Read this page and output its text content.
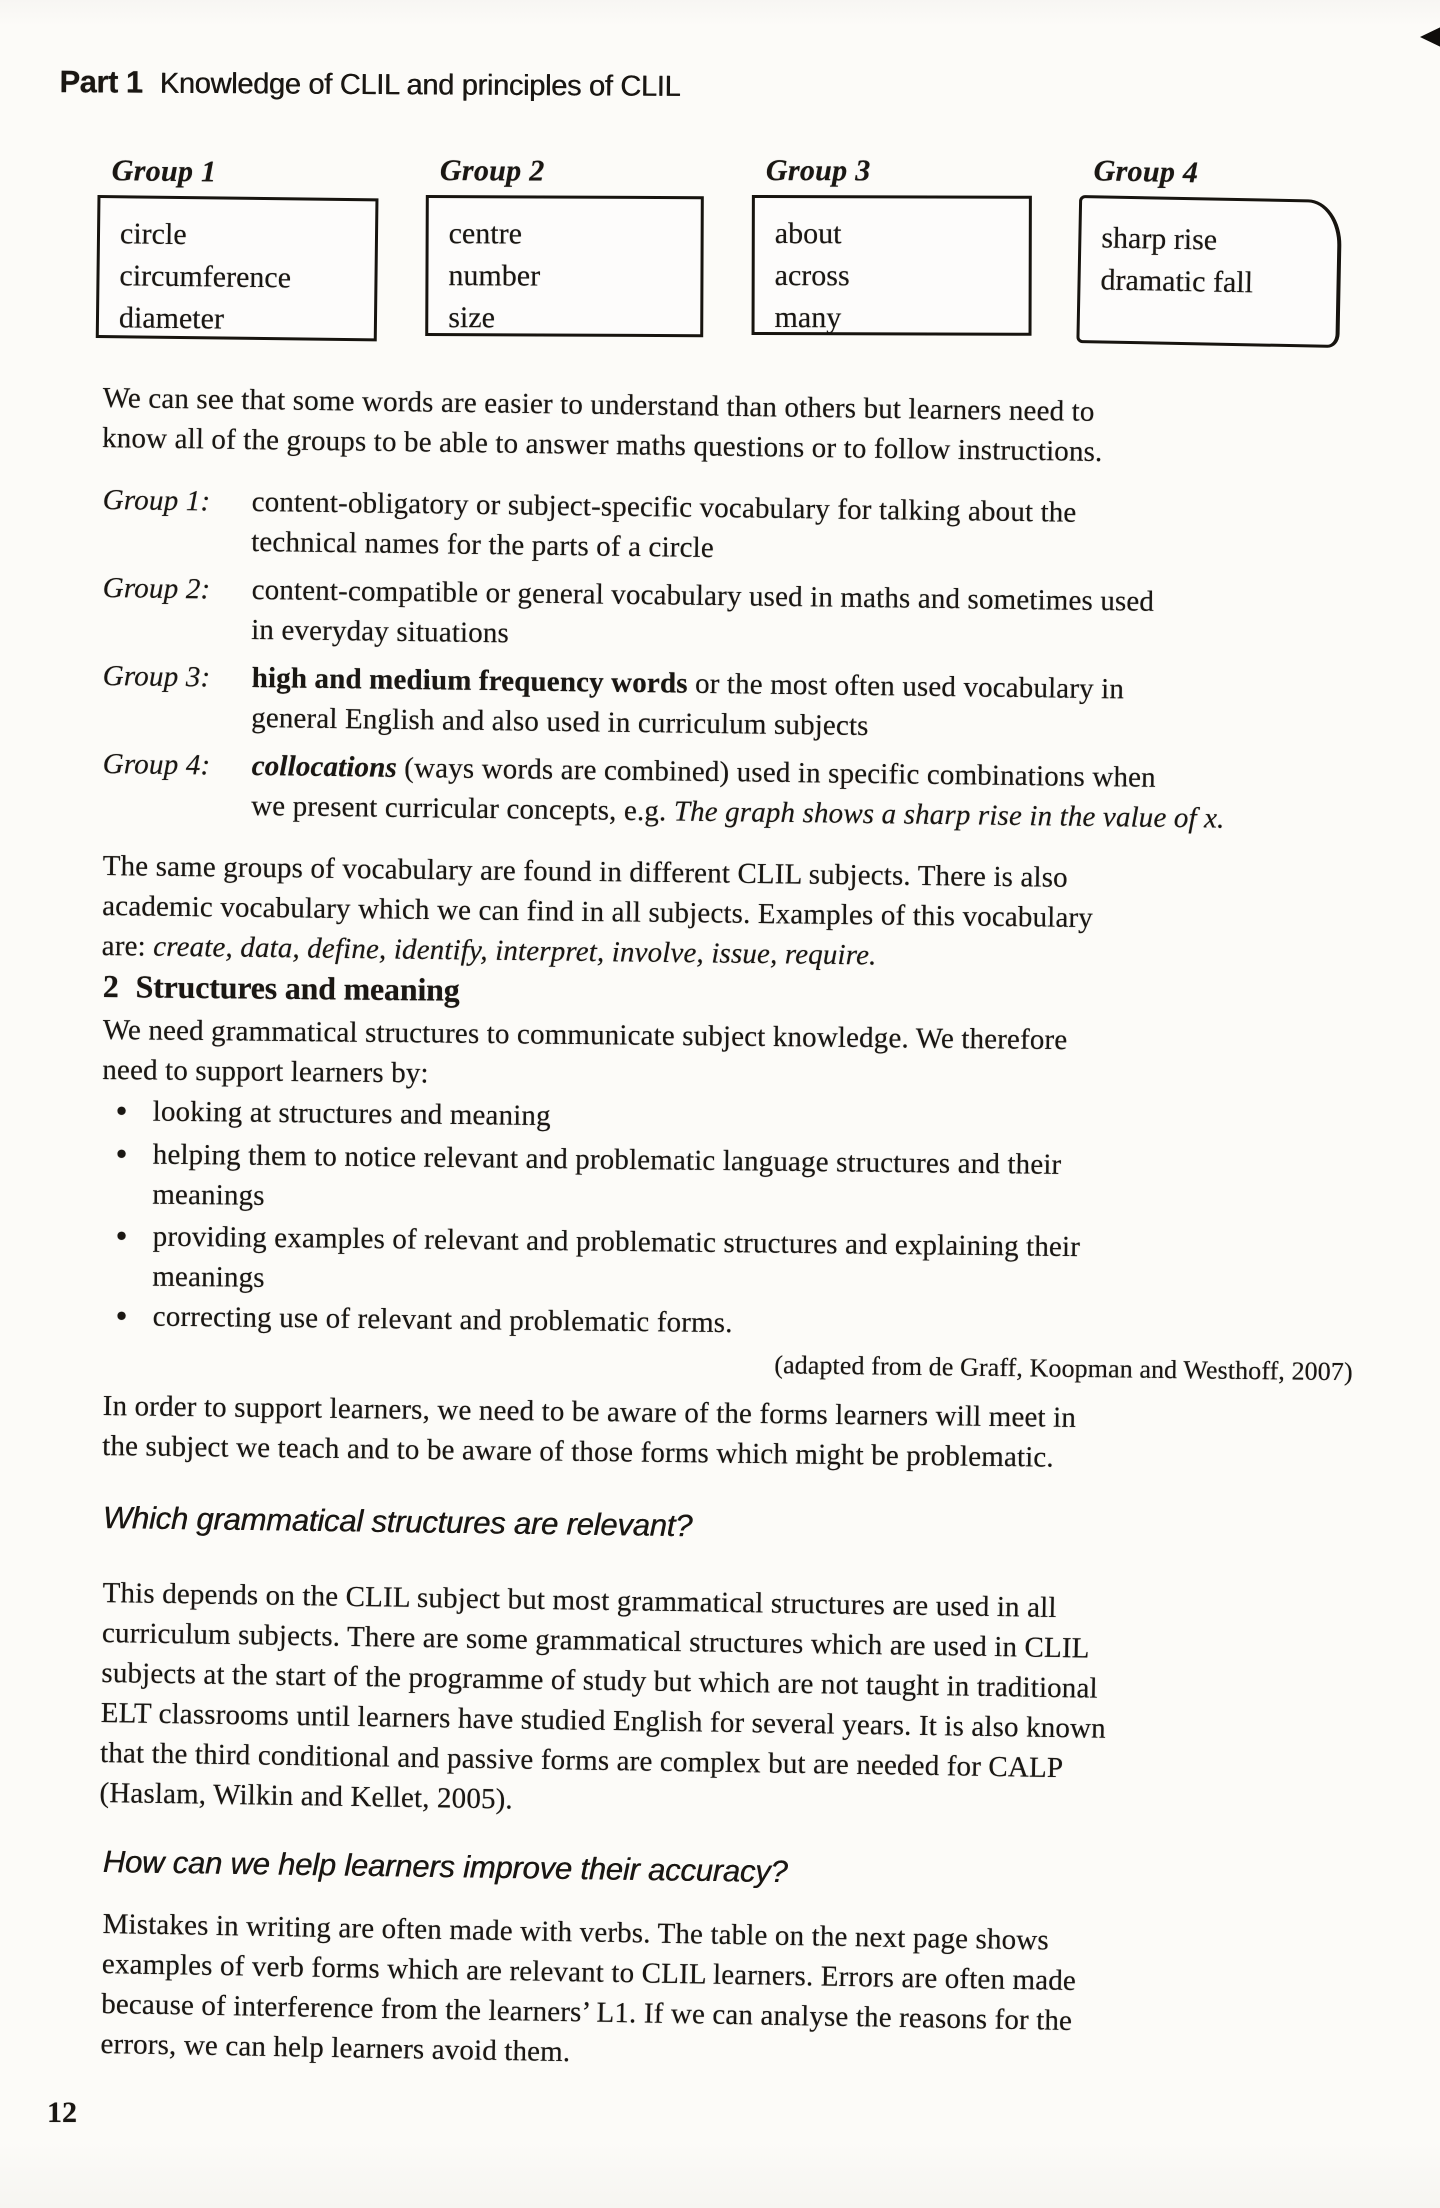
Part 1 Knowledge of CLIL and principles of CLIL

Group 1
circle
circumference
diameter
Group 2
centre
number
size
Group 3
about
across
many
Group 4
sharp rise
dramatic fall
We can see that some words are easier to understand than others but learners need to
know all of the groups to be able to answer maths questions or to follow instructions.
Group 1:	content-obligatory or subject-specific vocabulary for talking about the
technical names for the parts of a circle
Group 2:	content-compatible or general vocabulary used in maths and sometimes used
in everyday situations
Group 3:	high and medium frequency words or the most often used vocabulary in
general English and also used in curriculum subjects
Group 4:	collocations (ways words are combined) used in specific combinations when
we present curricular concepts, e.g. The graph shows a sharp rise in the value of x.
The same groups of vocabulary are found in different CLIL subjects. There is also
academic vocabulary which we can find in all subjects. Examples of this vocabulary
are: create, data, define, identify, interpret, involve, issue, require.
2 Structures and meaning
We need grammatical structures to communicate subject knowledge. We therefore
need to support learners by:
● looking at structures and meaning
● helping them to notice relevant and problematic language structures and their
meanings
● providing examples of relevant and problematic structures and explaining their
meanings
● correcting use of relevant and problematic forms.
(adapted from de Graff, Koopman and Westhoff, 2007)
In order to support learners, we need to be aware of the forms learners will meet in
the subject we teach and to be aware of those forms which might be problematic.
Which grammatical structures are relevant?
This depends on the CLIL subject but most grammatical structures are used in all
curriculum subjects. There are some grammatical structures which are used in CLIL
subjects at the start of the programme of study but which are not taught in traditional
ELT classrooms until learners have studied English for several years. It is also known
that the third conditional and passive forms are complex but are needed for CALP
(Haslam, Wilkin and Kellet, 2005).
How can we help learners improve their accuracy?
Mistakes in writing are often made with verbs. The table on the next page shows
examples of verb forms which are relevant to CLIL learners. Errors are often made
because of interference from the learners’ L1. If we can analyse the reasons for the
errors, we can help learners avoid them.
12
